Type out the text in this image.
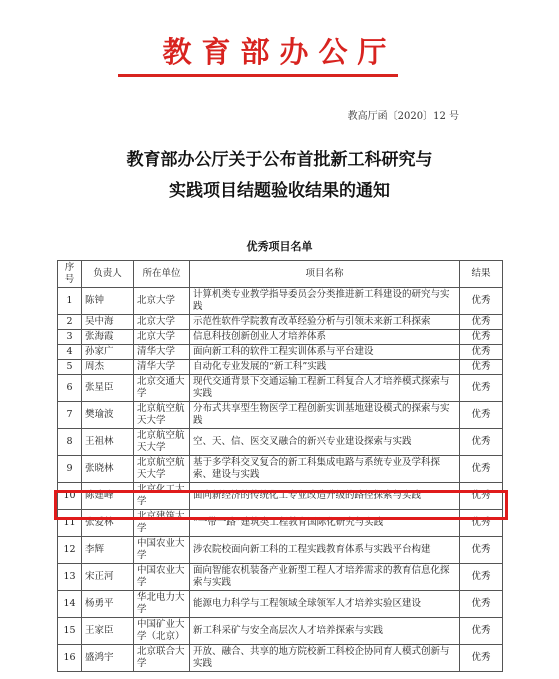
教育部办公厅
教高厅函〔2020〕12 号
教育部办公厅关于公布首批新工科研究与
实践项目结题验收结果的通知
优秀项目名单
序号	负责人	所在单位	项目名称	结果
1	陈钟	北京大学	计算机类专业教学指导委员会分类推进新工科建设的研究与实践	优秀
2	吴中海	北京大学	示范性软件学院教育改革经验分析与引领未来新工科探索	优秀
3	张海霞	北京大学	信息科技创新创业人才培养体系	优秀
4	孙家广	清华大学	面向新工科的软件工程实训体系与平台建设	优秀
5	周杰	清华大学	自动化专业发展的“新工科”实践	优秀
6	张星臣	北京交通大学	现代交通背景下交通运输工程新工科复合人才培养模式探索与实践	优秀
7	樊瑜波	北京航空航天大学	分布式共享型生物医学工程创新实训基地建设模式的探索与实践	优秀
8	王祖林	北京航空航天大学	空、天、信、医交叉融合的新兴专业建设探索与实践	优秀
9	张晓林	北京航空航天大学	基于多学科交叉复合的新工科集成电路与系统专业及学科探索、建设与实践	优秀
10	陈建峰	北京化工大学	面向新经济的传统化工专业改造升级的路径探索与实践	优秀
11	张爱林	北京建筑大学	“一带一路”建筑类工程教育国际化研究与实践	优秀
12	李辉	中国农业大学	涉农院校面向新工科的工程实践教育体系与实践平台构建	优秀
13	宋正河	中国农业大学	面向智能农机装备产业新型工程人才培养需求的教育信息化探索与实践	优秀
14	杨勇平	华北电力大学	能源电力科学与工程领域全球领军人才培养实验区建设	优秀
15	王家臣	中国矿业大学（北京）	新工科采矿与安全高层次人才培养探索与实践	优秀
16	盛鸿宇	北京联合大学	开放、融合、共享的地方院校新工科校企协同育人模式创新与实践	优秀
